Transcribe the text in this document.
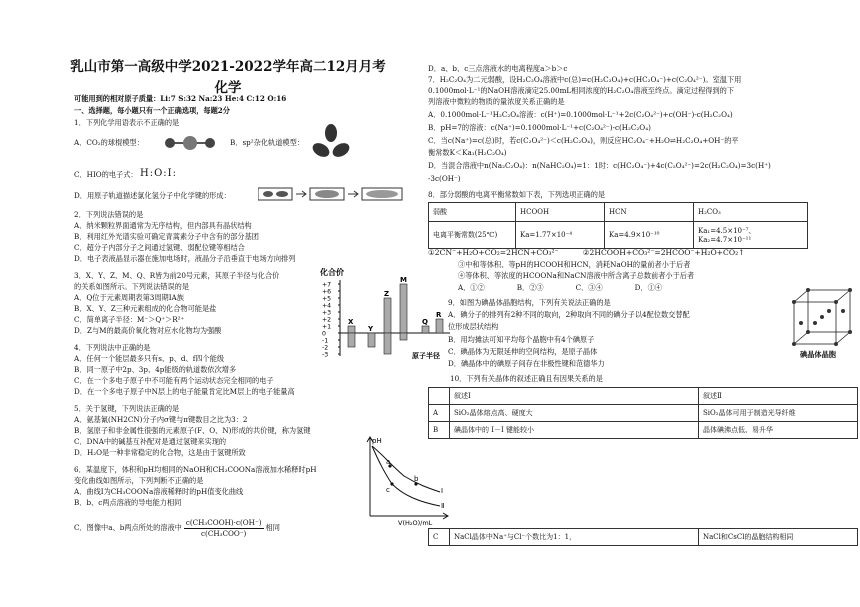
乳山市第一高级中学2021-2022学年高二12月月考
化学
可能用到的相对原子质量：Li:7 S:32 Na:23 He:4 C:12 O:16
一、选择题，每小题只有一个正确选项，每题2分
1．下列化学用语表示不正确的是
A．CO₂的球棍模型：	B．sp²杂化轨道模型：
C．HIO的电子式： H:O:I:
D．用原子轨道描述氯化氢分子中化学键的形成：
2．下列说法错误的是
A．纳米颗粒界面通常为无序结构，但内部具有晶状结构
B．利用红外光谱实验可确定青蒿素分子中含有的部分基团
C．超分子内部分子之间通过氢键、弱配位键等相结合
D．电子表液晶显示器在施加电场时，液晶分子沿垂直于电场方向排列
3．X、Y、Z、M、Q、R皆为前20号元素，其原子半径与化合价
的关系如图所示。下列说法错误的是
A．Q位于元素周期表第3周期ⅠA族
B．X、Y、Z三种元素组成的化合物可能是盐
C．简单离子半径：M⁻＞Q⁺＞R²⁺
D．Z与M的最高价氧化物对应水化物均为强酸
化合价
原子半径
+7
+6
+5
+4
+3
+2
+1
0
-1
-2
-3
X
Y
Z
M
Q
R
4．下列说法中正确的是
A．任何一个能层最多只有s、p、d、f四个能级
B．同一原子中2p、3p、4p能级的轨道数依次增多
C．在一个多电子原子中不可能有两个运动状态完全相同的电子
D．在一个多电子原子中N层上的电子能量肯定比M层上的电子能量高
5．关于氢键，下列说法正确的是
A．氨基氰(NH2CN)分子内σ键与π键数目之比为3：2
B．氢原子和非金属性很强的元素原子(F、O、N)形成的共价键，称为氢键
C．DNA中的碱基互补配对是通过氢键来实现的
D．H₂O是一种非常稳定的化合物，这是由于氢键所致
6．某温度下，体积和pH均相同的NaOH和CH₃COONa溶液加水稀释时pH
变化曲线如图所示，下列判断不正确的是
A．曲线Ⅰ为CH₃COONa溶液稀释时的pH值变化曲线
B．b、c两点溶液的导电能力相同
C．图像中a、b两点所处的溶液中 $\frac{\text{c(CH₃COOH)·c(OH⁻)}}{\text{c(CH₃COO⁻)}}$ 相同
pH
V(H₂O)/mL
a
b
c	Ⅰ
Ⅱ
D．a、b、c三点溶液水的电离程度a＞b＞c
7．H₂C₂O₄为二元弱酸，设H₂C₂O₄溶液中c(总)=c(H₂C₂O₄)+c(HC₂O₄⁻)+c(C₂O₄²⁻)。室温下用
0.1000mol·L⁻¹的NaOH溶液滴定25.00mL相同浓度的H₂C₂O₄溶液至终点。滴定过程得到的下
列溶液中微粒的物质的量浓度关系正确的是
A．0.1000mol·L⁻¹H₂C₂O₄溶液：c(H⁺)=0.1000mol·L⁻¹+2c(C₂O₄²⁻)+c(OH⁻)-c(H₂C₂O₄)
B．pH=7的溶液：c(Na⁺)=0.1000mol·L⁻¹+c(C₂O₄²⁻)-c(H₂C₂O₄)
C．当c(Na⁺)=c(总)时，若c(C₂O₄²⁻)＜c(H₂C₂O₄)，则反应HC₂O₄⁻+H₂O⇌H₂C₂O₄+OH⁻的平
衡常数K＜Ka₁(H₂C₂O₄)
D．当混合溶液中n(Na₂C₂O₄)：n(NaHC₂O₄)=1：1时：c(HC₂O₄⁻)+4c(C₂O₄²⁻)=2c(H₂C₂O₄)=3c(H⁺)
-3c(OH⁻)
8．部分弱酸的电离平衡常数如下表，下列选项正确的是
弱酸	HCOOH	HCN	H₂CO₃
电离平衡常数(25℃)	Ka=1.77×10⁻⁴	Ka=4.9×10⁻¹⁰	Ka₁=4.5×10⁻⁷、Ka₂=4.7×10⁻¹¹
①2CN⁻+H₂O+CO₂=2HCN+CO₃²⁻          ②2HCOOH+CO₃²⁻=2HCOO⁻+H₂O+CO₂↑
③中和等体积、等pH的HCOOH和HCN，消耗NaOH的量前者小于后者
④等体积、等浓度的HCOONa和NaCN溶液中所含离子总数前者小于后者
A．①②              B．②③              C．③④              D．①④
9．如图为碘晶体晶胞结构，下列有关说法正确的是
A．碘分子的排列有2种不同的取向，2种取向不同的碘分子以4配位数交替配
位形成层状结构
B．用均摊法可知平均每个晶胞中有4个碘原子
C．碘晶体为无限延伸的空间结构，是原子晶体
D．碘晶体中的碘原子间存在非极性键和范德华力
碘晶体晶胞
10．下列有关晶体的叙述正确且有因果关系的是
	叙述Ⅰ	叙述Ⅱ
A	SiO₂晶体熔点高、硬度大	SiO₂晶体可用于制造光导纤维
B	碘晶体中的 I－I 键能较小	晶体碘沸点低、易升华
C	NaCl晶体中Na⁺与Cl⁻个数比为1：1，	NaCl和CsCl的晶胞结构相同
